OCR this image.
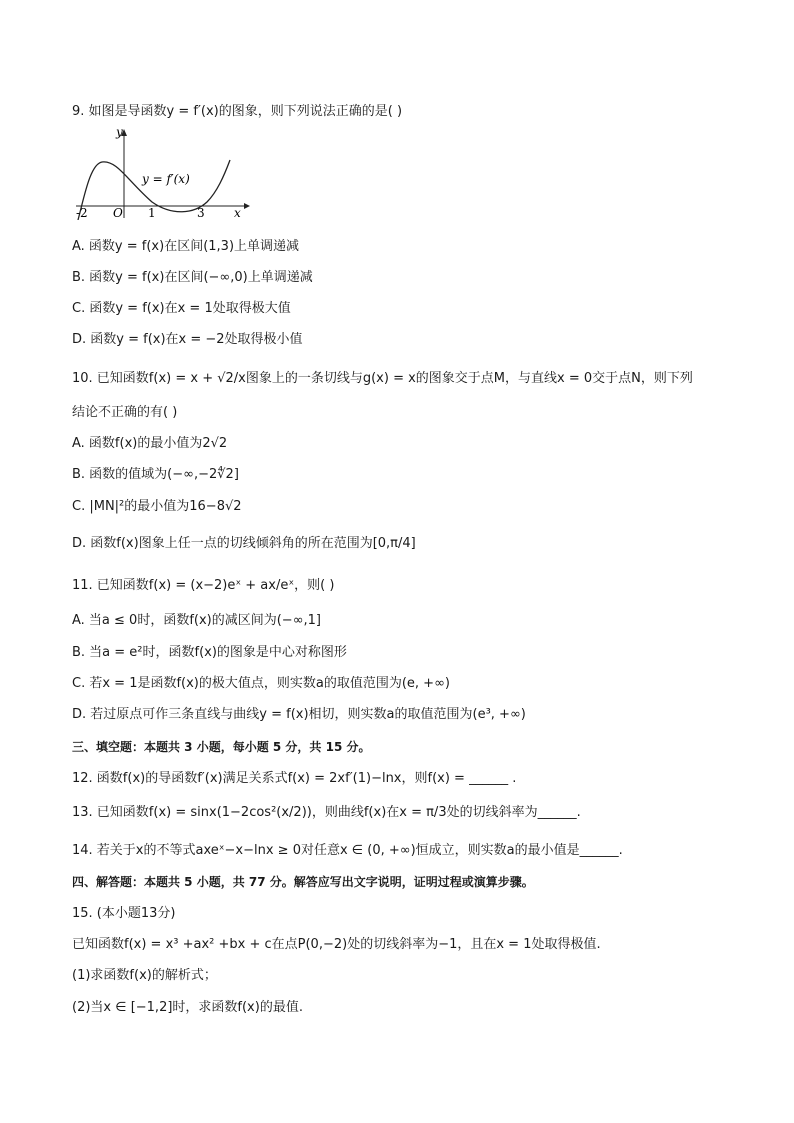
9. 如图是导函数y = f′(x)的图象，则下列说法正确的是( )
y
x
y = f′(x)
-2 O 1	3
A. 函数y = f(x)在区间(1,3)上单调递减
B. 函数y = f(x)在区间(−∞,0)上单调递减
C. 函数y = f(x)在x = 1处取得极大值
D. 函数y = f(x)在x = −2处取得极小值
10. 已知函数f(x) = x + √2/x图象上的一条切线与g(x) = x的图象交于点M，与直线x = 0交于点N，则下列
结论不正确的有( )
A. 函数f(x)的最小值为2√2
B. 函数的值域为(−∞,−2∜2]
C. |MN|²的最小值为16−8√2
D. 函数f(x)图象上任一点的切线倾斜角的所在范围为[0,π/4]
11. 已知函数f(x) = (x−2)eˣ + ax/eˣ，则( )
A. 当a ≤ 0时，函数f(x)的减区间为(−∞,1]
B. 当a = e²时，函数f(x)的图象是中心对称图形
C. 若x = 1是函数f(x)的极大值点，则实数a的取值范围为(e, +∞)
D. 若过原点可作三条直线与曲线y = f(x)相切，则实数a的取值范围为(e³, +∞)
三、填空题：本题共 3 小题，每小题 5 分，共 15 分。
12. 函数f(x)的导函数f′(x)满足关系式f(x) = 2xf′(1)−lnx，则f(x) = ______ .
13. 已知函数f(x) = sinx(1−2cos²(x/2))，则曲线f(x)在x = π/3处的切线斜率为______.
14. 若关于x的不等式axeˣ−x−lnx ≥ 0对任意x ∈ (0, +∞)恒成立，则实数a的最小值是______.
四、解答题：本题共 5 小题，共 77 分。解答应写出文字说明，证明过程或演算步骤。
15. (本小题13分)
已知函数f(x) = x³ +ax² +bx + c在点P(0,−2)处的切线斜率为−1，且在x = 1处取得极值.
(1)求函数f(x)的解析式；
(2)当x ∈ [−1,2]时，求函数f(x)的最值.
